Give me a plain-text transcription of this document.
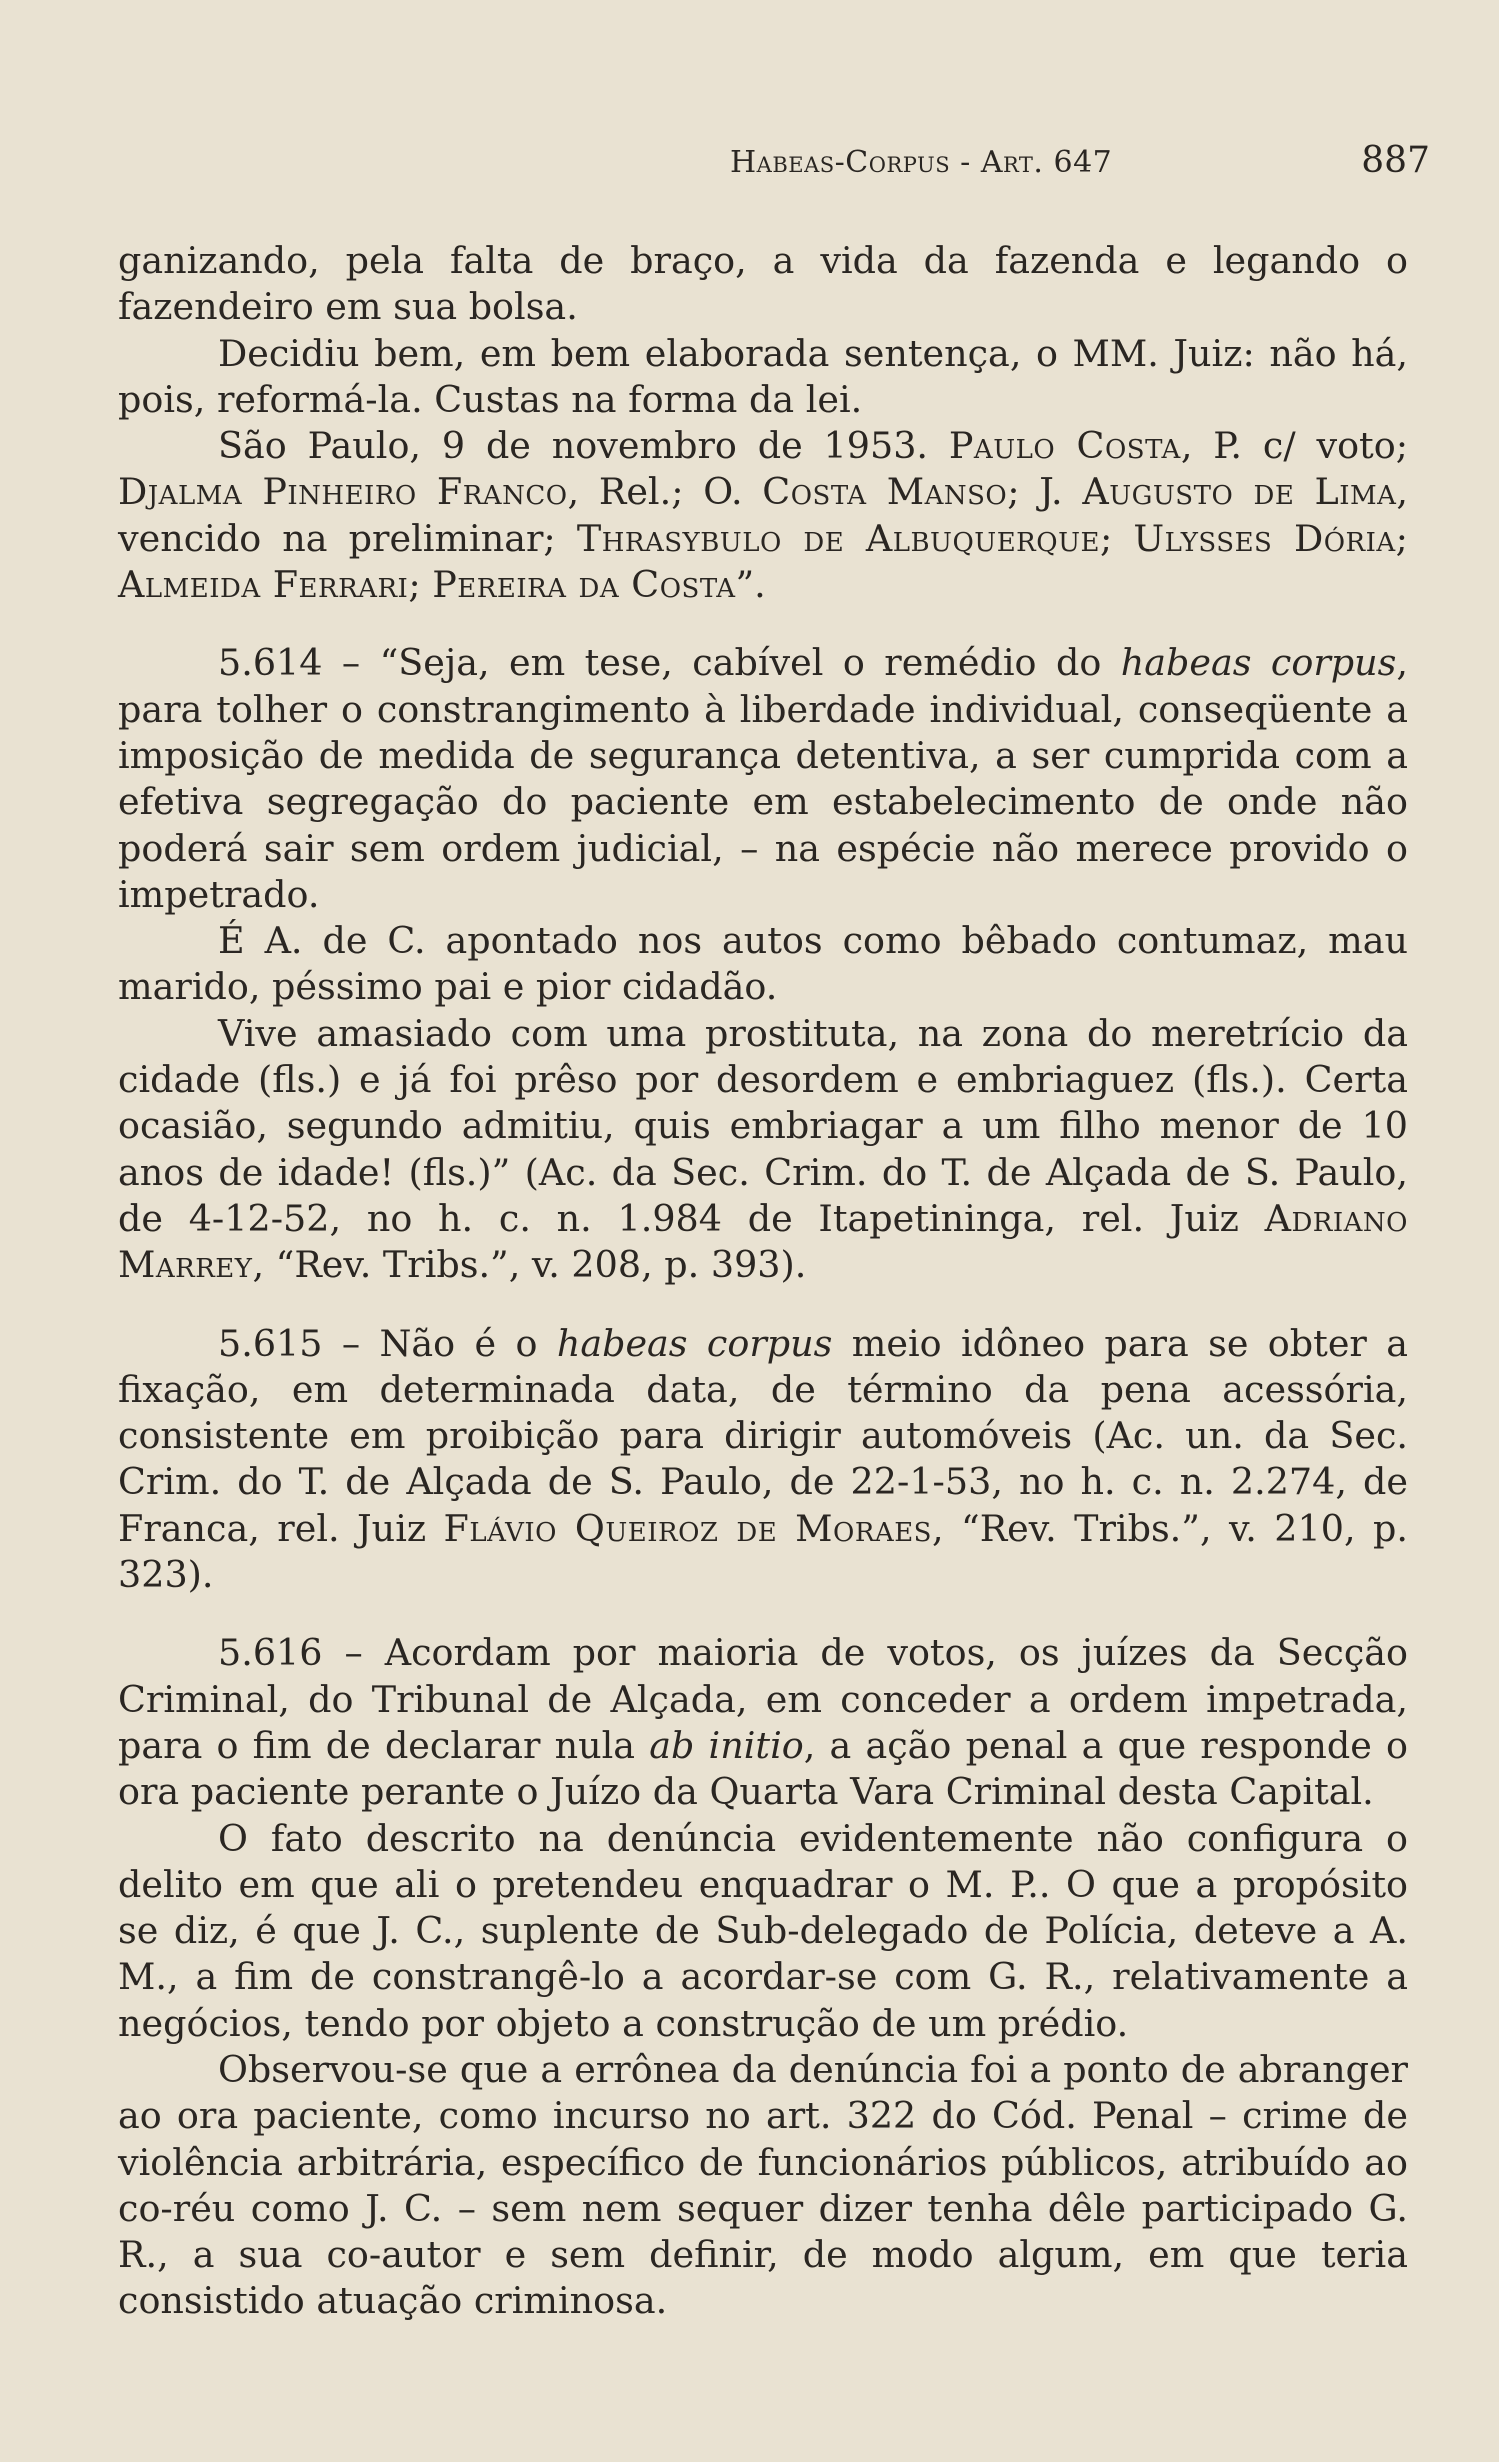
Habeas-Corpus - Art. 647	887

ganizando, pela falta de braço, a vida da fazenda e legando o fazendeiro em sua bolsa.

Decidiu bem, em bem elaborada sentença, o MM. Juiz: não há, pois, reformá-la. Custas na forma da lei.

São Paulo, 9 de novembro de 1953. Paulo Costa, P. c/ voto; Djalma Pinheiro Franco, Rel.; O. Costa Manso; J. Augusto de Lima, vencido na preliminar; Thrasybulo de Albuquerque; Ulysses Dória; Almeida Ferrari; Pereira da Costa”.

5.614 – “Seja, em tese, cabível o remédio do habeas corpus, para tolher o constrangimento à liberdade individual, conseqüente a imposição de medida de segurança detentiva, a ser cumprida com a efetiva segregação do paciente em estabelecimento de onde não poderá sair sem ordem judicial, – na espécie não merece provido o impetrado.

É A. de C. apontado nos autos como bêbado contumaz, mau marido, péssimo pai e pior cidadão.

Vive amasiado com uma prostituta, na zona do meretrício da cidade (fls.) e já foi prêso por desordem e embriaguez (fls.). Certa ocasião, segundo admitiu, quis embriagar a um filho menor de 10 anos de idade! (fls.)” (Ac. da Sec. Crim. do T. de Alçada de S. Paulo, de 4-12-52, no h. c. n. 1.984 de Itapetininga, rel. Juiz Adriano Marrey, “Rev. Tribs.”, v. 208, p. 393).

5.615 – Não é o habeas corpus meio idôneo para se obter a fixação, em determinada data, de término da pena acessória, consistente em proibição para dirigir automóveis (Ac. un. da Sec. Crim. do T. de Alçada de S. Paulo, de 22-1-53, no h. c. n. 2.274, de Franca, rel. Juiz Flávio Queiroz de Moraes, “Rev. Tribs.”, v. 210, p. 323).

5.616 – Acordam por maioria de votos, os juízes da Secção Criminal, do Tribunal de Alçada, em conceder a ordem impetrada, para o fim de declarar nula ab initio, a ação penal a que responde o ora paciente perante o Juízo da Quarta Vara Criminal desta Capital.

O fato descrito na denúncia evidentemente não configura o delito em que ali o pretendeu enquadrar o M. P.. O que a propósito se diz, é que J. C., suplente de Sub-delegado de Polícia, deteve a A. M., a fim de constrangê-lo a acordar-se com G. R., relativamente a negócios, tendo por objeto a construção de um prédio.

Observou-se que a errônea da denúncia foi a ponto de abranger ao ora paciente, como incurso no art. 322 do Cód. Penal – crime de violência arbitrária, específico de funcionários públicos, atribuído ao co-réu como J. C. – sem nem sequer dizer tenha dêle participado G. R., a sua co-autor e sem definir, de modo algum, em que teria consistido atuação criminosa.
